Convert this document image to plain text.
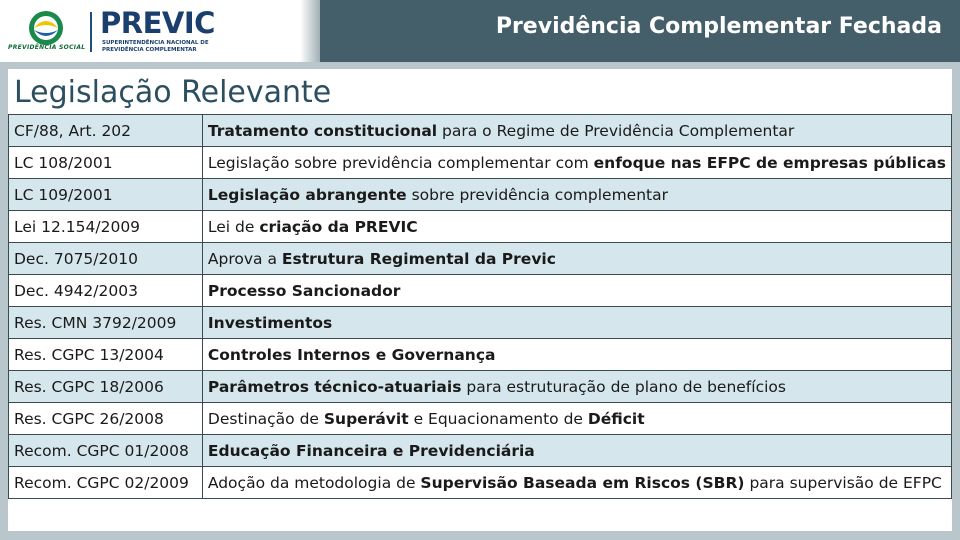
PREVIDÊNCIA SOCIAL
PREVIC
SUPERINTENDÊNCIA NACIONAL DE
PREVIDÊNCIA COMPLEMENTAR
Previdência Complementar Fechada
Legislação Relevante
CF/88, Art. 202	Tratamento constitucional para o Regime de Previdência Complementar
LC 108/2001	Legislação sobre previdência complementar com enfoque nas EFPC de empresas públicas
LC 109/2001	Legislação abrangente sobre previdência complementar
Lei 12.154/2009	Lei de criação da PREVIC
Dec. 7075/2010	Aprova a Estrutura Regimental da Previc
Dec. 4942/2003	Processo Sancionador
Res. CMN 3792/2009	Investimentos
Res. CGPC 13/2004	Controles Internos e Governança
Res. CGPC 18/2006	Parâmetros técnico-atuariais para estruturação de plano de benefícios
Res. CGPC 26/2008	Destinação de Superávit e Equacionamento de Déficit
Recom. CGPC 01/2008	Educação Financeira e Previdenciária
Recom. CGPC 02/2009	Adoção da metodologia de Supervisão Baseada em Riscos (SBR) para supervisão de EFPC
